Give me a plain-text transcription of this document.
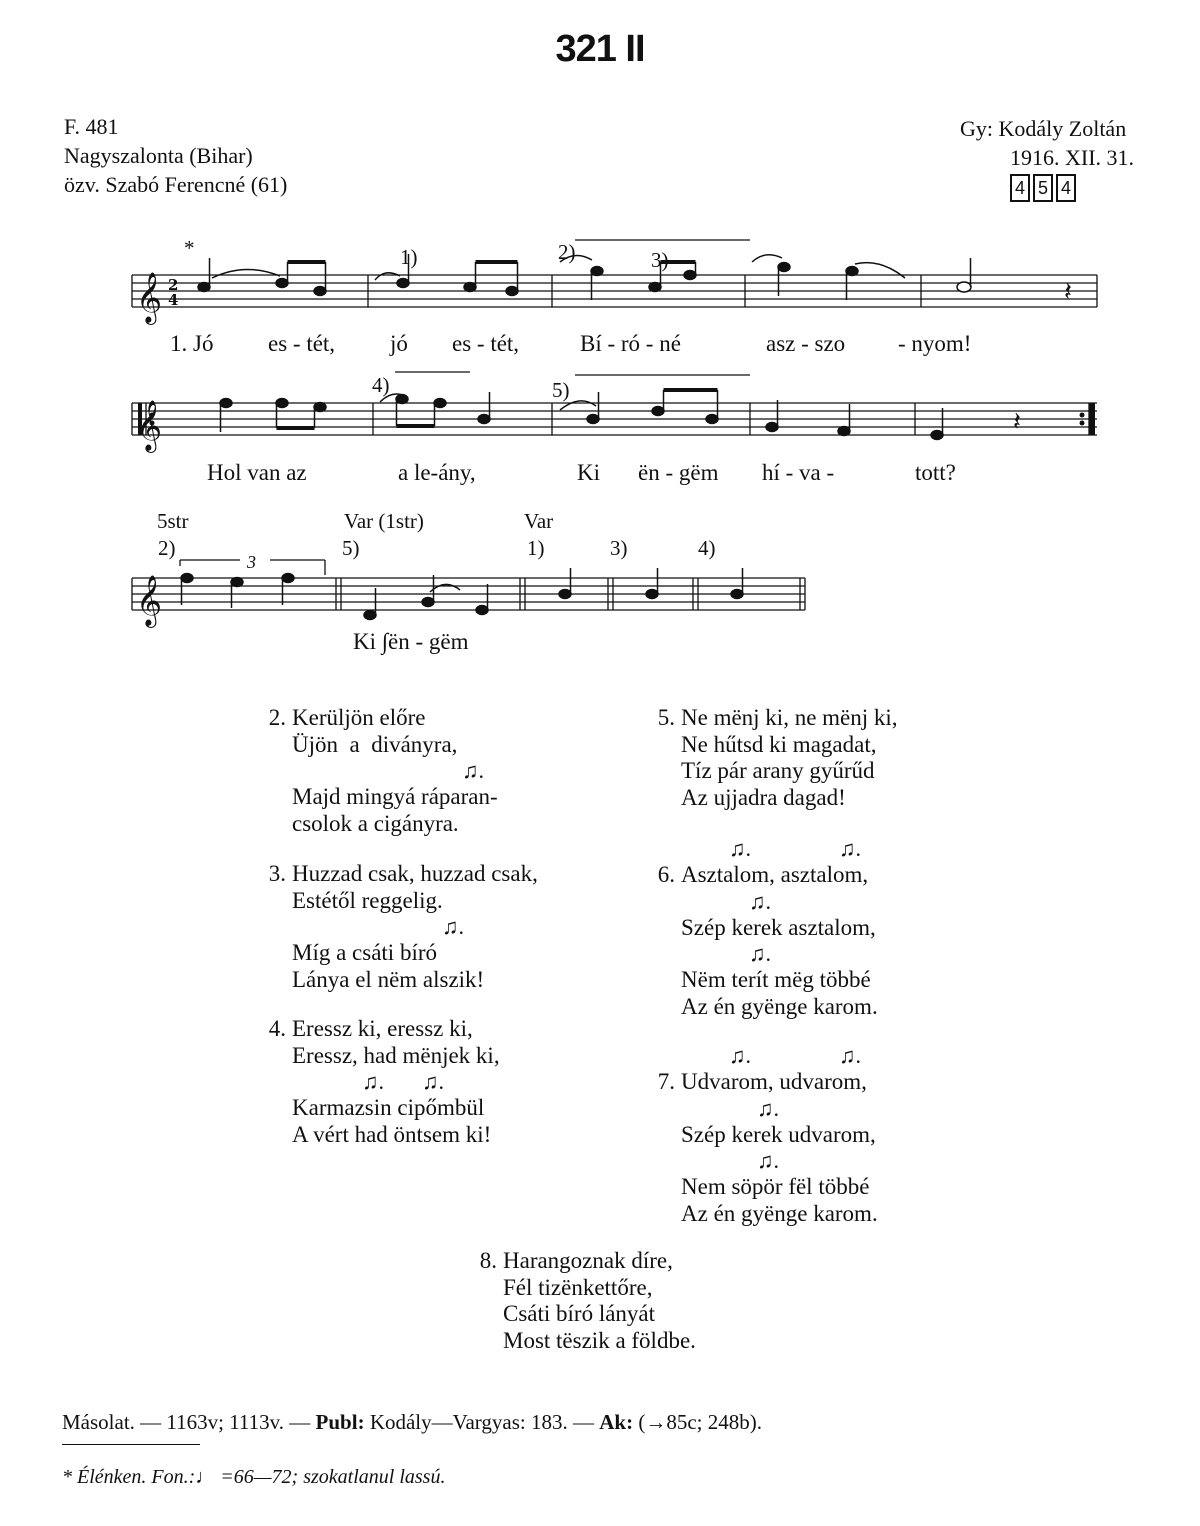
321 II
F. 481
Nagyszalonta (Bihar)
özv. Szabó Ferencné (61)
Gy: Kodály Zoltán
1916. XII. 31.
4 5 4
𝄞
𝄞
𝄞
2
4	𝄽
𝄽
*	1)	2)	3)
1. Jó es - tét, jó es - tét,	Bí - ró - né	asz - szo - nyom!
4)	5)
Hol van az	a le-ány,	Ki ën - gëm hí - va -	tott?
5str	Var (1str)	Var
2)	5)	1)	3)	4)
3
Ki ∫ën - gëm
2. Kerüljön előre
Üjön  a  divány​ra,
♫.
Majd mingyá ráparan-
csolok a cigányra.
3. Huzzad csak, huzzad csak,
Estétől reggelig.
♫.
Míg a csáti bíró
Lánya el nëm alszik!
4. Eressz ki, eressz ki,
Eressz, had mënjek ki,
♫. ♫.
Karmazsin cipőmbül
A vért had öntsem ki!
5. Ne mënj ki, ne mënj ki,
Ne hűtsd ki magadat,
Tíz pár arany gyűrűd
Az ujjadra dagad!
♫.	♫.
6. Asztalom, asztalom,
♫.
Szép kerek asztalom,
♫.
Nëm terít mëg többé
Az én gyënge karom.
♫.	♫.
7. Udvarom, udvarom,
♫.
Szép kerek udvarom,
♫.
Nem söpör fël többé
Az én gyënge karom.
8. Harangoznak díre,
Fél tizënkettőre,
Csáti bíró lányát
Most tëszik a földbe.
Másolat. — 1163v; 1113v. — Publ: Kodály—Vargyas: 183. — Ak: (→85c; 248b).
* Élénken. Fon.:♩ =66—72; szokatlanul lassú.
